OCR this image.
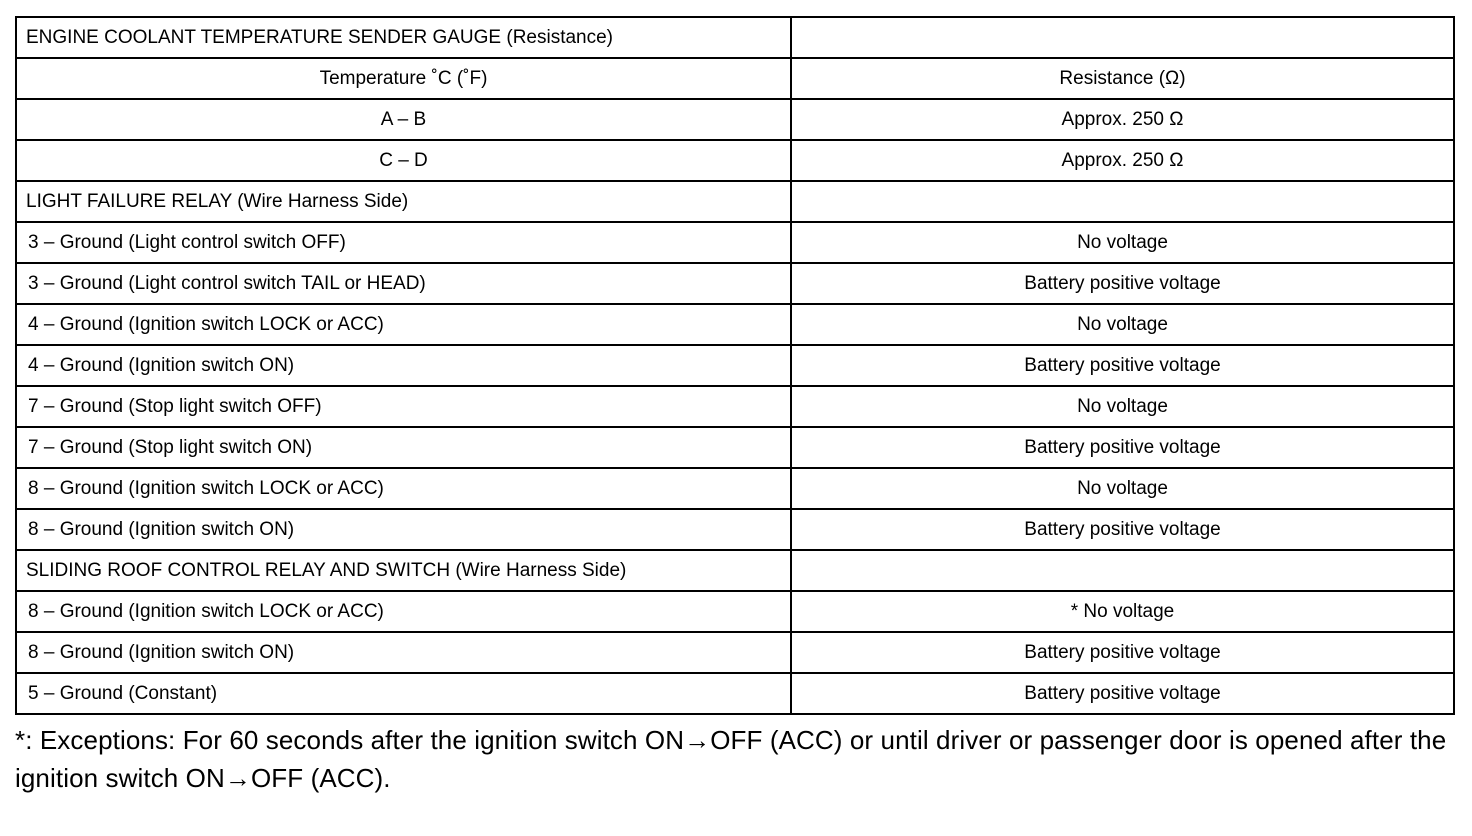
ENGINE COOLANT TEMPERATURE SENDER GAUGE (Resistance)	
Temperature ˚C (˚F)	Resistance (Ω)
A – B	Approx. 250 Ω
C – D	Approx. 250 Ω
LIGHT FAILURE RELAY (Wire Harness Side)	
3 – Ground (Light control switch OFF)	No voltage
3 – Ground (Light control switch TAIL or HEAD)	Battery positive voltage
4 – Ground (Ignition switch LOCK or ACC)	No voltage
4 – Ground (Ignition switch ON)	Battery positive voltage
7 – Ground (Stop light switch OFF)	No voltage
7 – Ground (Stop light switch ON)	Battery positive voltage
8 – Ground (Ignition switch LOCK or ACC)	No voltage
8 – Ground (Ignition switch ON)	Battery positive voltage
SLIDING ROOF CONTROL RELAY AND SWITCH (Wire Harness Side)	
8 – Ground (Ignition switch LOCK or ACC)	* No voltage
8 – Ground (Ignition switch ON)	Battery positive voltage
5 – Ground (Constant)	Battery positive voltage
*: Exceptions: For 60 seconds after the ignition switch ON→OFF (ACC) or until driver or passenger door is opened after the ignition switch ON→OFF (ACC).
